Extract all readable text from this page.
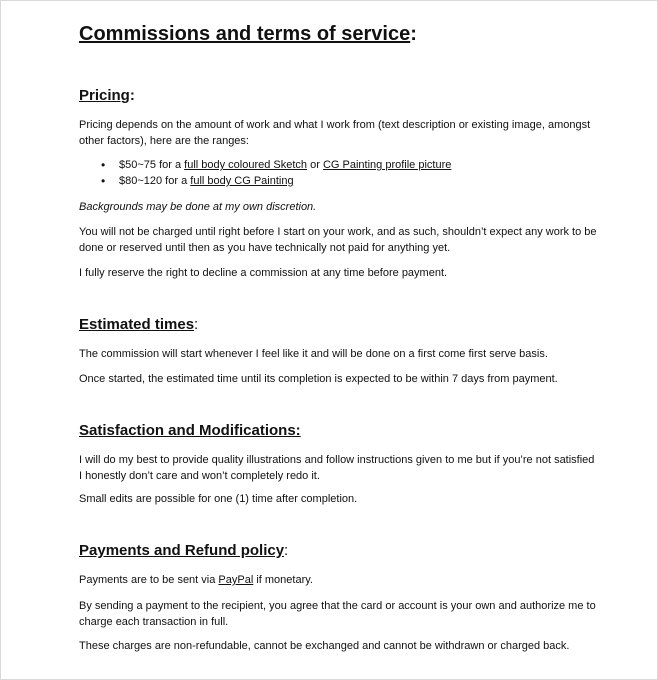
Commissions and terms of service:
Pricing:

Pricing depends on the amount of work and what I work from (text description or existing image, amongst other factors), here are the ranges:

• $50~75 for a full body coloured Sketch or CG Painting profile picture
• $80~120 for a full body CG Painting

Backgrounds may be done at my own discretion.

You will not be charged until right before I start on your work, and as such, shouldn’t expect any work to be done or reserved until then as you have technically not paid for anything yet.

I fully reserve the right to decline a commission at any time before payment.

Estimated times:

The commission will start whenever I feel like it and will be done on a first come first serve basis.

Once started, the estimated time until its completion is expected to be within 7 days from payment.

Satisfaction and Modifications:

I will do my best to provide quality illustrations and follow instructions given to me but if you’re not satisfied I honestly don’t care and won’t completely redo it.

Small edits are possible for one (1) time after completion.

Payments and Refund policy:

Payments are to be sent via PayPal if monetary.

By sending a payment to the recipient, you agree that the card or account is your own and authorize me to charge each transaction in full.

These charges are non-refundable, cannot be exchanged and cannot be withdrawn or charged back.
